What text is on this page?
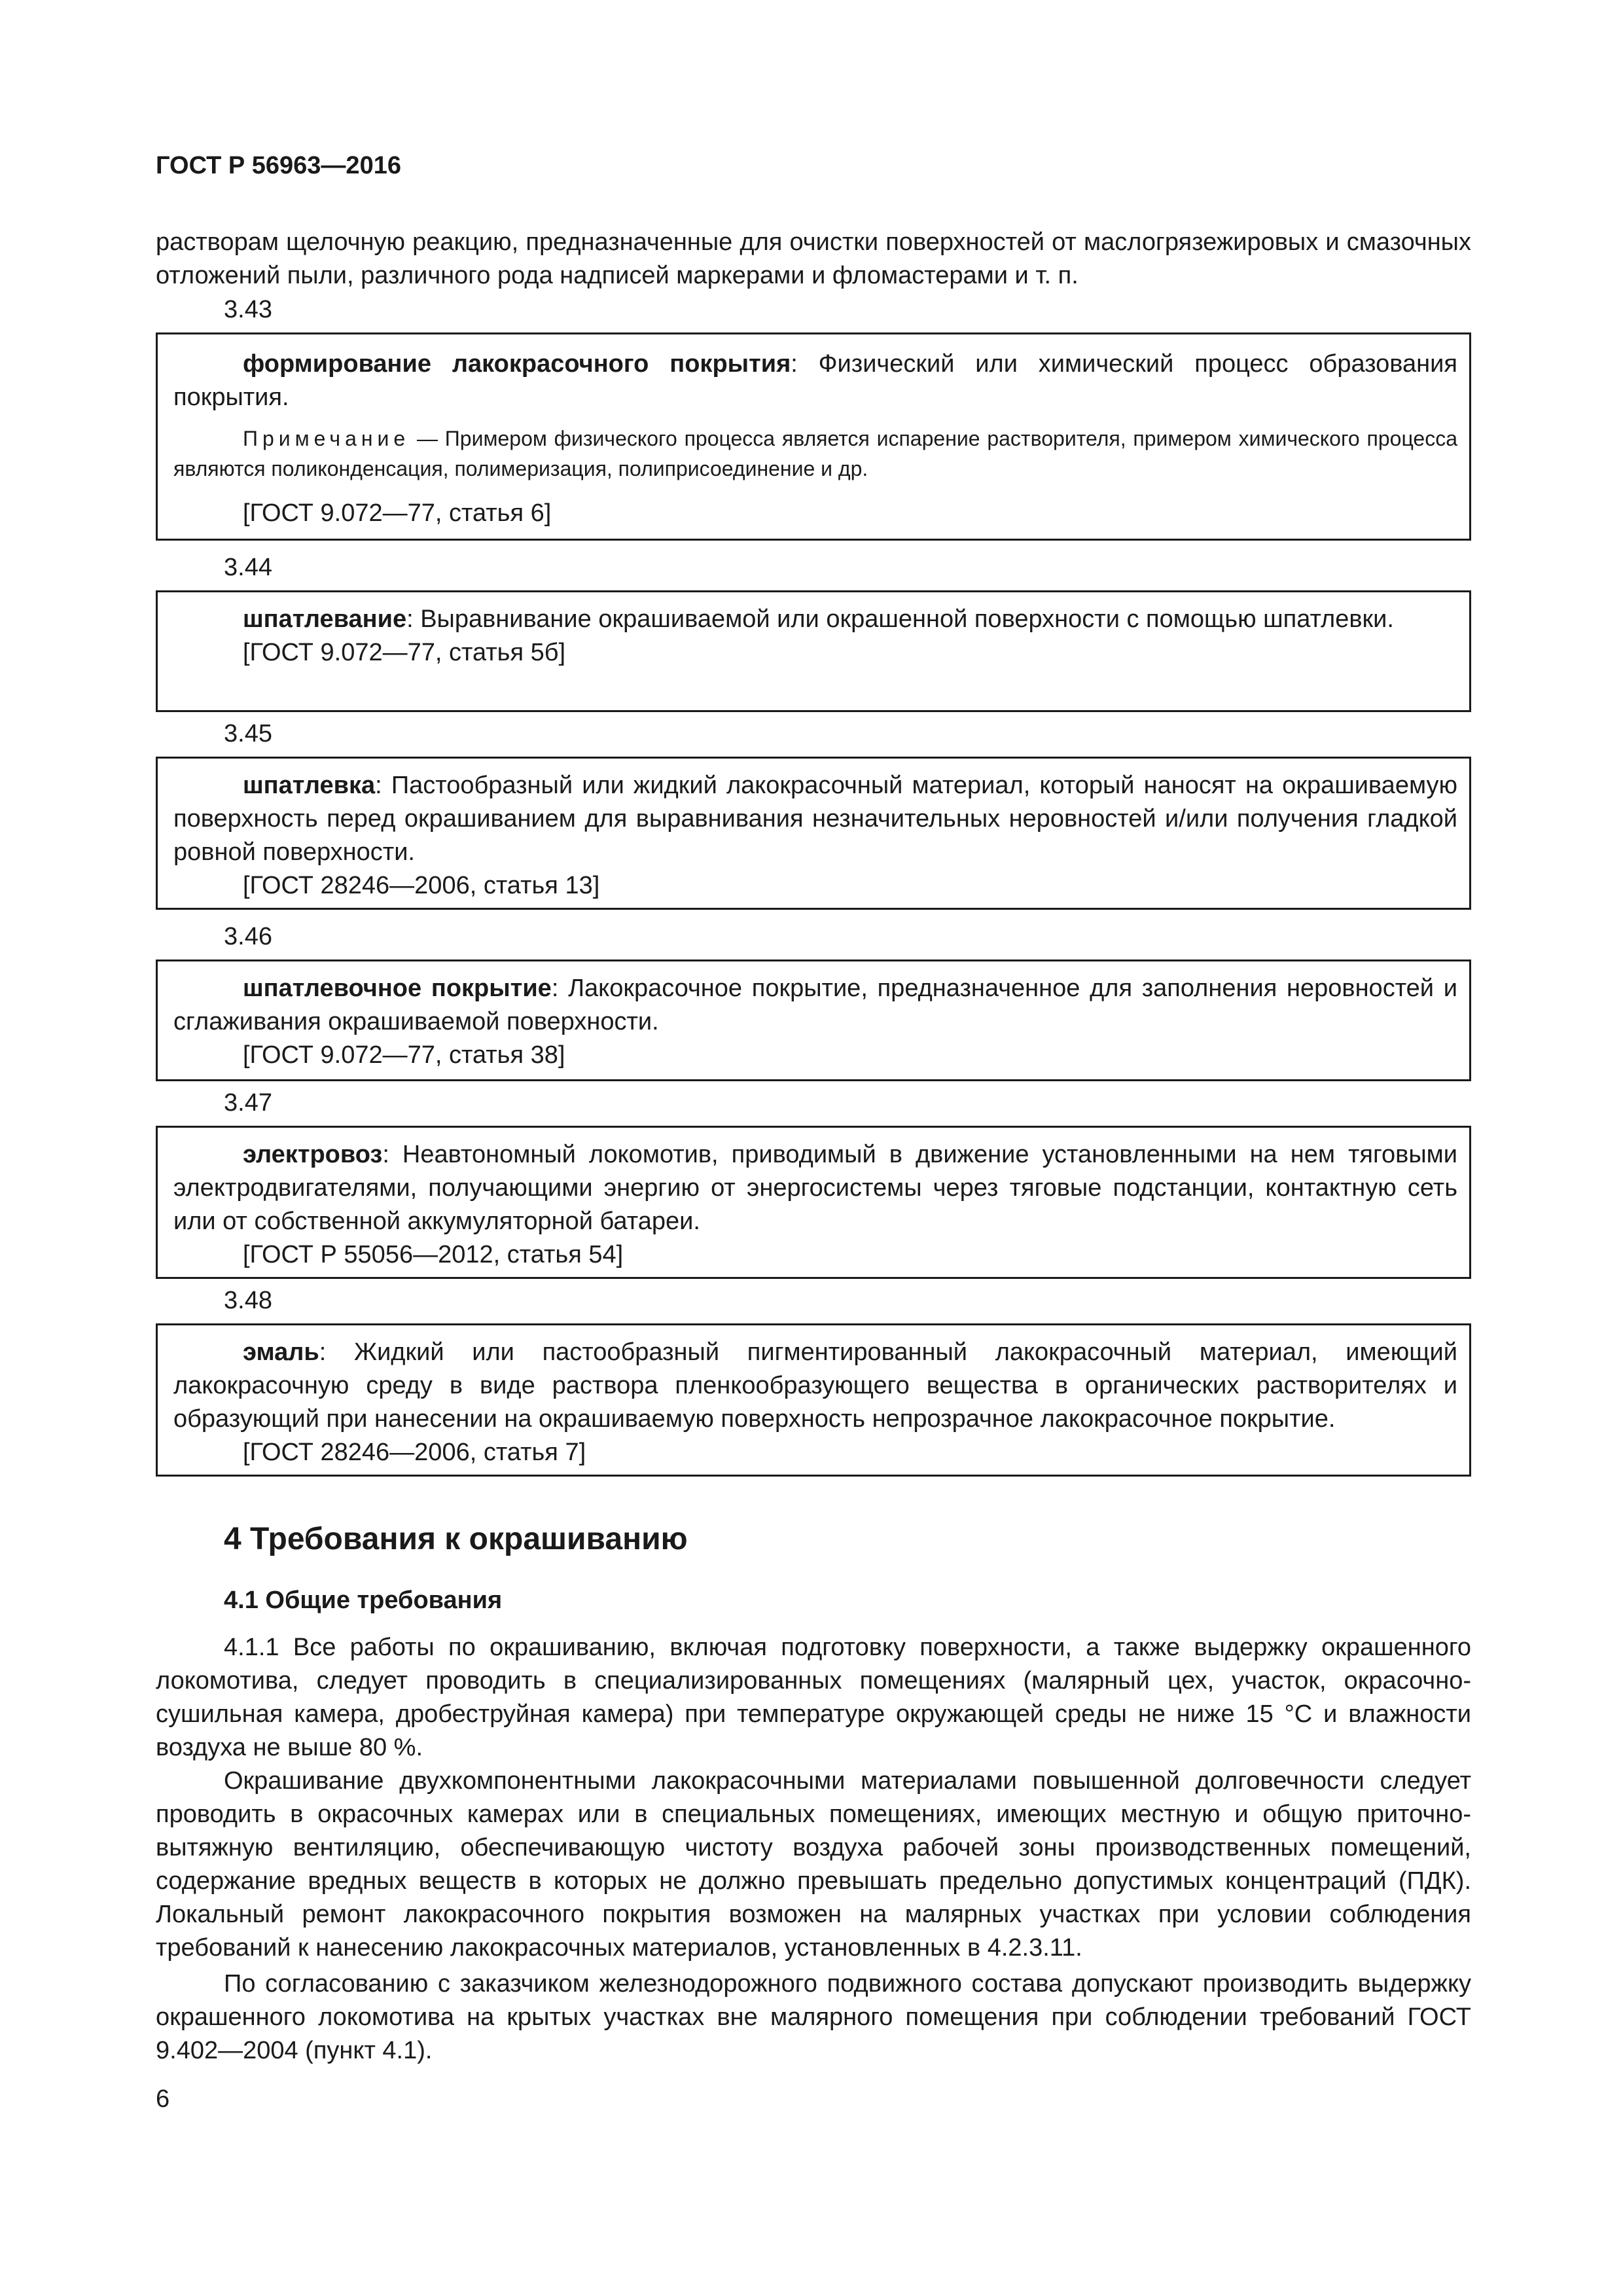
ГОСТ Р 56963—2016
растворам щелочную реакцию, предназначенные для очистки поверхностей от маслогрязежировых и смазочных отложений пыли, различного рода надписей маркерами и фломастерами и т. п.
3.43

формирование лакокрасочного покрытия: Физический или химический процесс образования покрытия.

Примечание — Примером физического процесса является испарение растворителя, примером химического процесса являются поликонденсация, полимеризация, полиприсоединение и др.

[ГОСТ 9.072—77, статья 6]

3.44

шпатлевание: Выравнивание окрашиваемой или окрашенной поверхности с помощью шпатлевки.

[ГОСТ 9.072—77, статья 5б]

3.45

шпатлевка: Пастообразный или жидкий лакокрасочный материал, который наносят на окрашиваемую поверхность перед окрашиванием для выравнивания незначительных неровностей и/или получения гладкой ровной поверхности.

[ГОСТ 28246—2006, статья 13]

3.46

шпатлевочное покрытие: Лакокрасочное покрытие, предназначенное для заполнения неровностей и сглаживания окрашиваемой поверхности.

[ГОСТ 9.072—77, статья 38]

3.47

электровоз: Неавтономный локомотив, приводимый в движение установленными на нем тяговыми электродвигателями, получающими энергию от энергосистемы через тяговые подстанции, контактную сеть или от собственной аккумуляторной батареи.

[ГОСТ Р 55056—2012, статья 54]

3.48

эмаль: Жидкий или пастообразный пигментированный лакокрасочный материал, имеющий лакокрасочную среду в виде раствора пленкообразующего вещества в органических растворителях и образующий при нанесении на окрашиваемую поверхность непрозрачное лакокрасочное покрытие.

[ГОСТ 28246—2006, статья 7]

4 Требования к окрашиванию
4.1 Общие требования

4.1.1 Все работы по окрашиванию, включая подготовку поверхности, а также выдержку окрашенного локомотива, следует проводить в специализированных помещениях (малярный цех, участок, окрасочно-сушильная камера, дробеструйная камера) при температуре окружающей среды не ниже 15 °С и влажности воздуха не выше 80 %.

Окрашивание двухкомпонентными лакокрасочными материалами повышенной долговечности следует проводить в окрасочных камерах или в специальных помещениях, имеющих местную и общую приточно-вытяжную вентиляцию, обеспечивающую чистоту воздуха рабочей зоны производственных помещений, содержание вредных веществ в которых не должно превышать предельно допустимых концентраций (ПДК). Локальный ремонт лакокрасочного покрытия возможен на малярных участках при условии соблюдения требований к нанесению лакокрасочных материалов, установленных в 4.2.3.11.

По согласованию с заказчиком железнодорожного подвижного состава допускают производить выдержку окрашенного локомотива на крытых участках вне малярного помещения при соблюдении требований ГОСТ 9.402—2004 (пункт 4.1).

6
